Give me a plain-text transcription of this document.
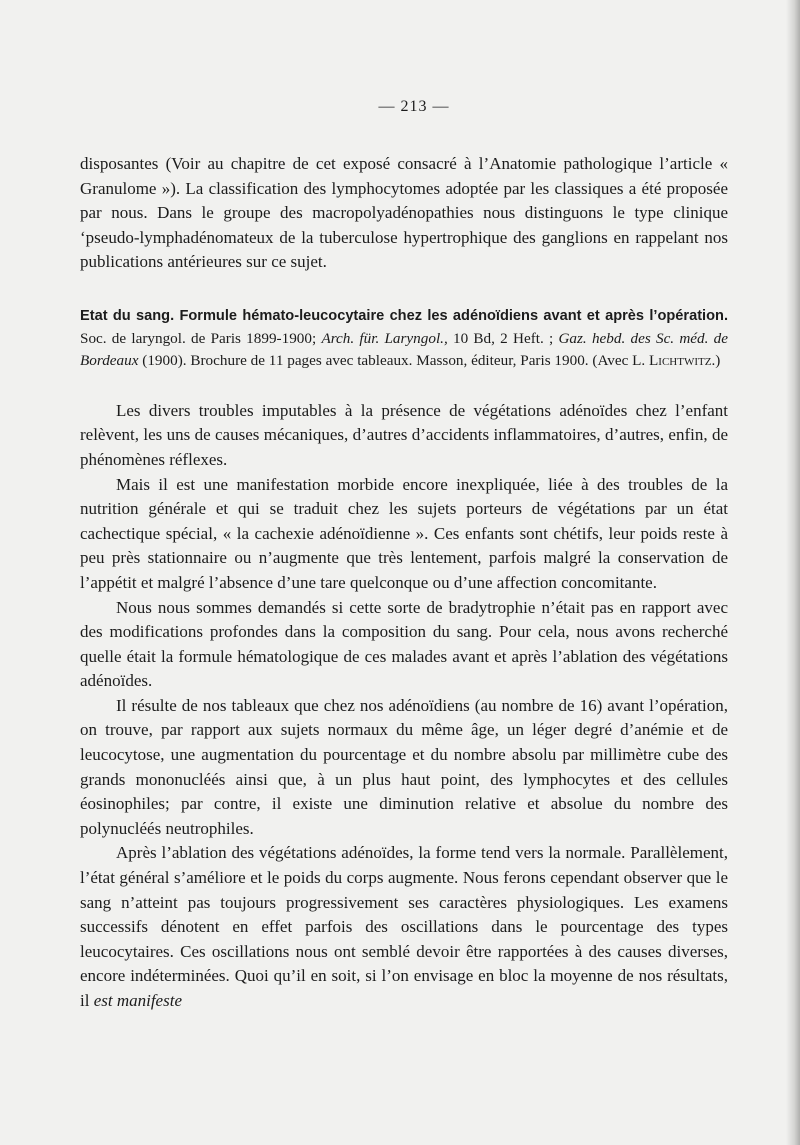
— 213 —

disposantes (Voir au chapitre de cet exposé consacré à l’Anatomie pathologique l’article « Granulome »). La classification des lymphocytomes adoptée par les classiques a été proposée par nous. Dans le groupe des macropolyadénopathies nous distinguons le type clinique ‘pseudo-lymphadénomateux de la tuberculose hypertrophique des ganglions en rappelant nos publications antérieures sur ce sujet.

Etat du sang. Formule hémato-leucocytaire chez les adénoïdiens avant et après l’opération. Soc. de laryngol. de Paris 1899-1900; Arch. für. Laryngol., 10 Bd, 2 Heft. ; Gaz. hebd. des Sc. méd. de Bordeaux (1900). Brochure de 11 pages avec tableaux. Masson, éditeur, Paris 1900. (Avec L. Lichtwitz.)

Les divers troubles imputables à la présence de végétations adénoïdes chez l’enfant relèvent, les uns de causes mécaniques, d’autres d’accidents inflammatoires, d’autres, enfin, de phénomènes réflexes.

Mais il est une manifestation morbide encore inexpliquée, liée à des troubles de la nutrition générale et qui se traduit chez les sujets porteurs de végétations par un état cachectique spécial, « la cachexie adénoïdienne ». Ces enfants sont chétifs, leur poids reste à peu près stationnaire ou n’augmente que très lentement, parfois malgré la conservation de l’appétit et malgré l’absence d’une tare quelconque ou d’une affection concomitante.

Nous nous sommes demandés si cette sorte de bradytrophie n’était pas en rapport avec des modifications profondes dans la composition du sang. Pour cela, nous avons recherché quelle était la formule hématologique de ces malades avant et après l’ablation des végétations adénoïdes.

Il résulte de nos tableaux que chez nos adénoïdiens (au nombre de 16) avant l’opération, on trouve, par rapport aux sujets normaux du même âge, un léger degré d’anémie et de leucocytose, une augmentation du pourcentage et du nombre absolu par millimètre cube des grands mononucléés ainsi que, à un plus haut point, des lymphocytes et des cellules éosinophiles; par contre, il existe une diminution relative et absolue du nombre des polynucléés neutrophiles.

Après l’ablation des végétations adénoïdes, la forme tend vers la normale. Parallèlement, l’état général s’améliore et le poids du corps augmente. Nous ferons cependant observer que le sang n’atteint pas toujours progressivement ses caractères physiologiques. Les examens successifs dénotent en effet parfois des oscillations dans le pourcentage des types leucocytaires. Ces oscillations nous ont semblé devoir être rapportées à des causes diverses, encore indéterminées. Quoi qu’il en soit, si l’on envisage en bloc la moyenne de nos résultats, il est manifeste
